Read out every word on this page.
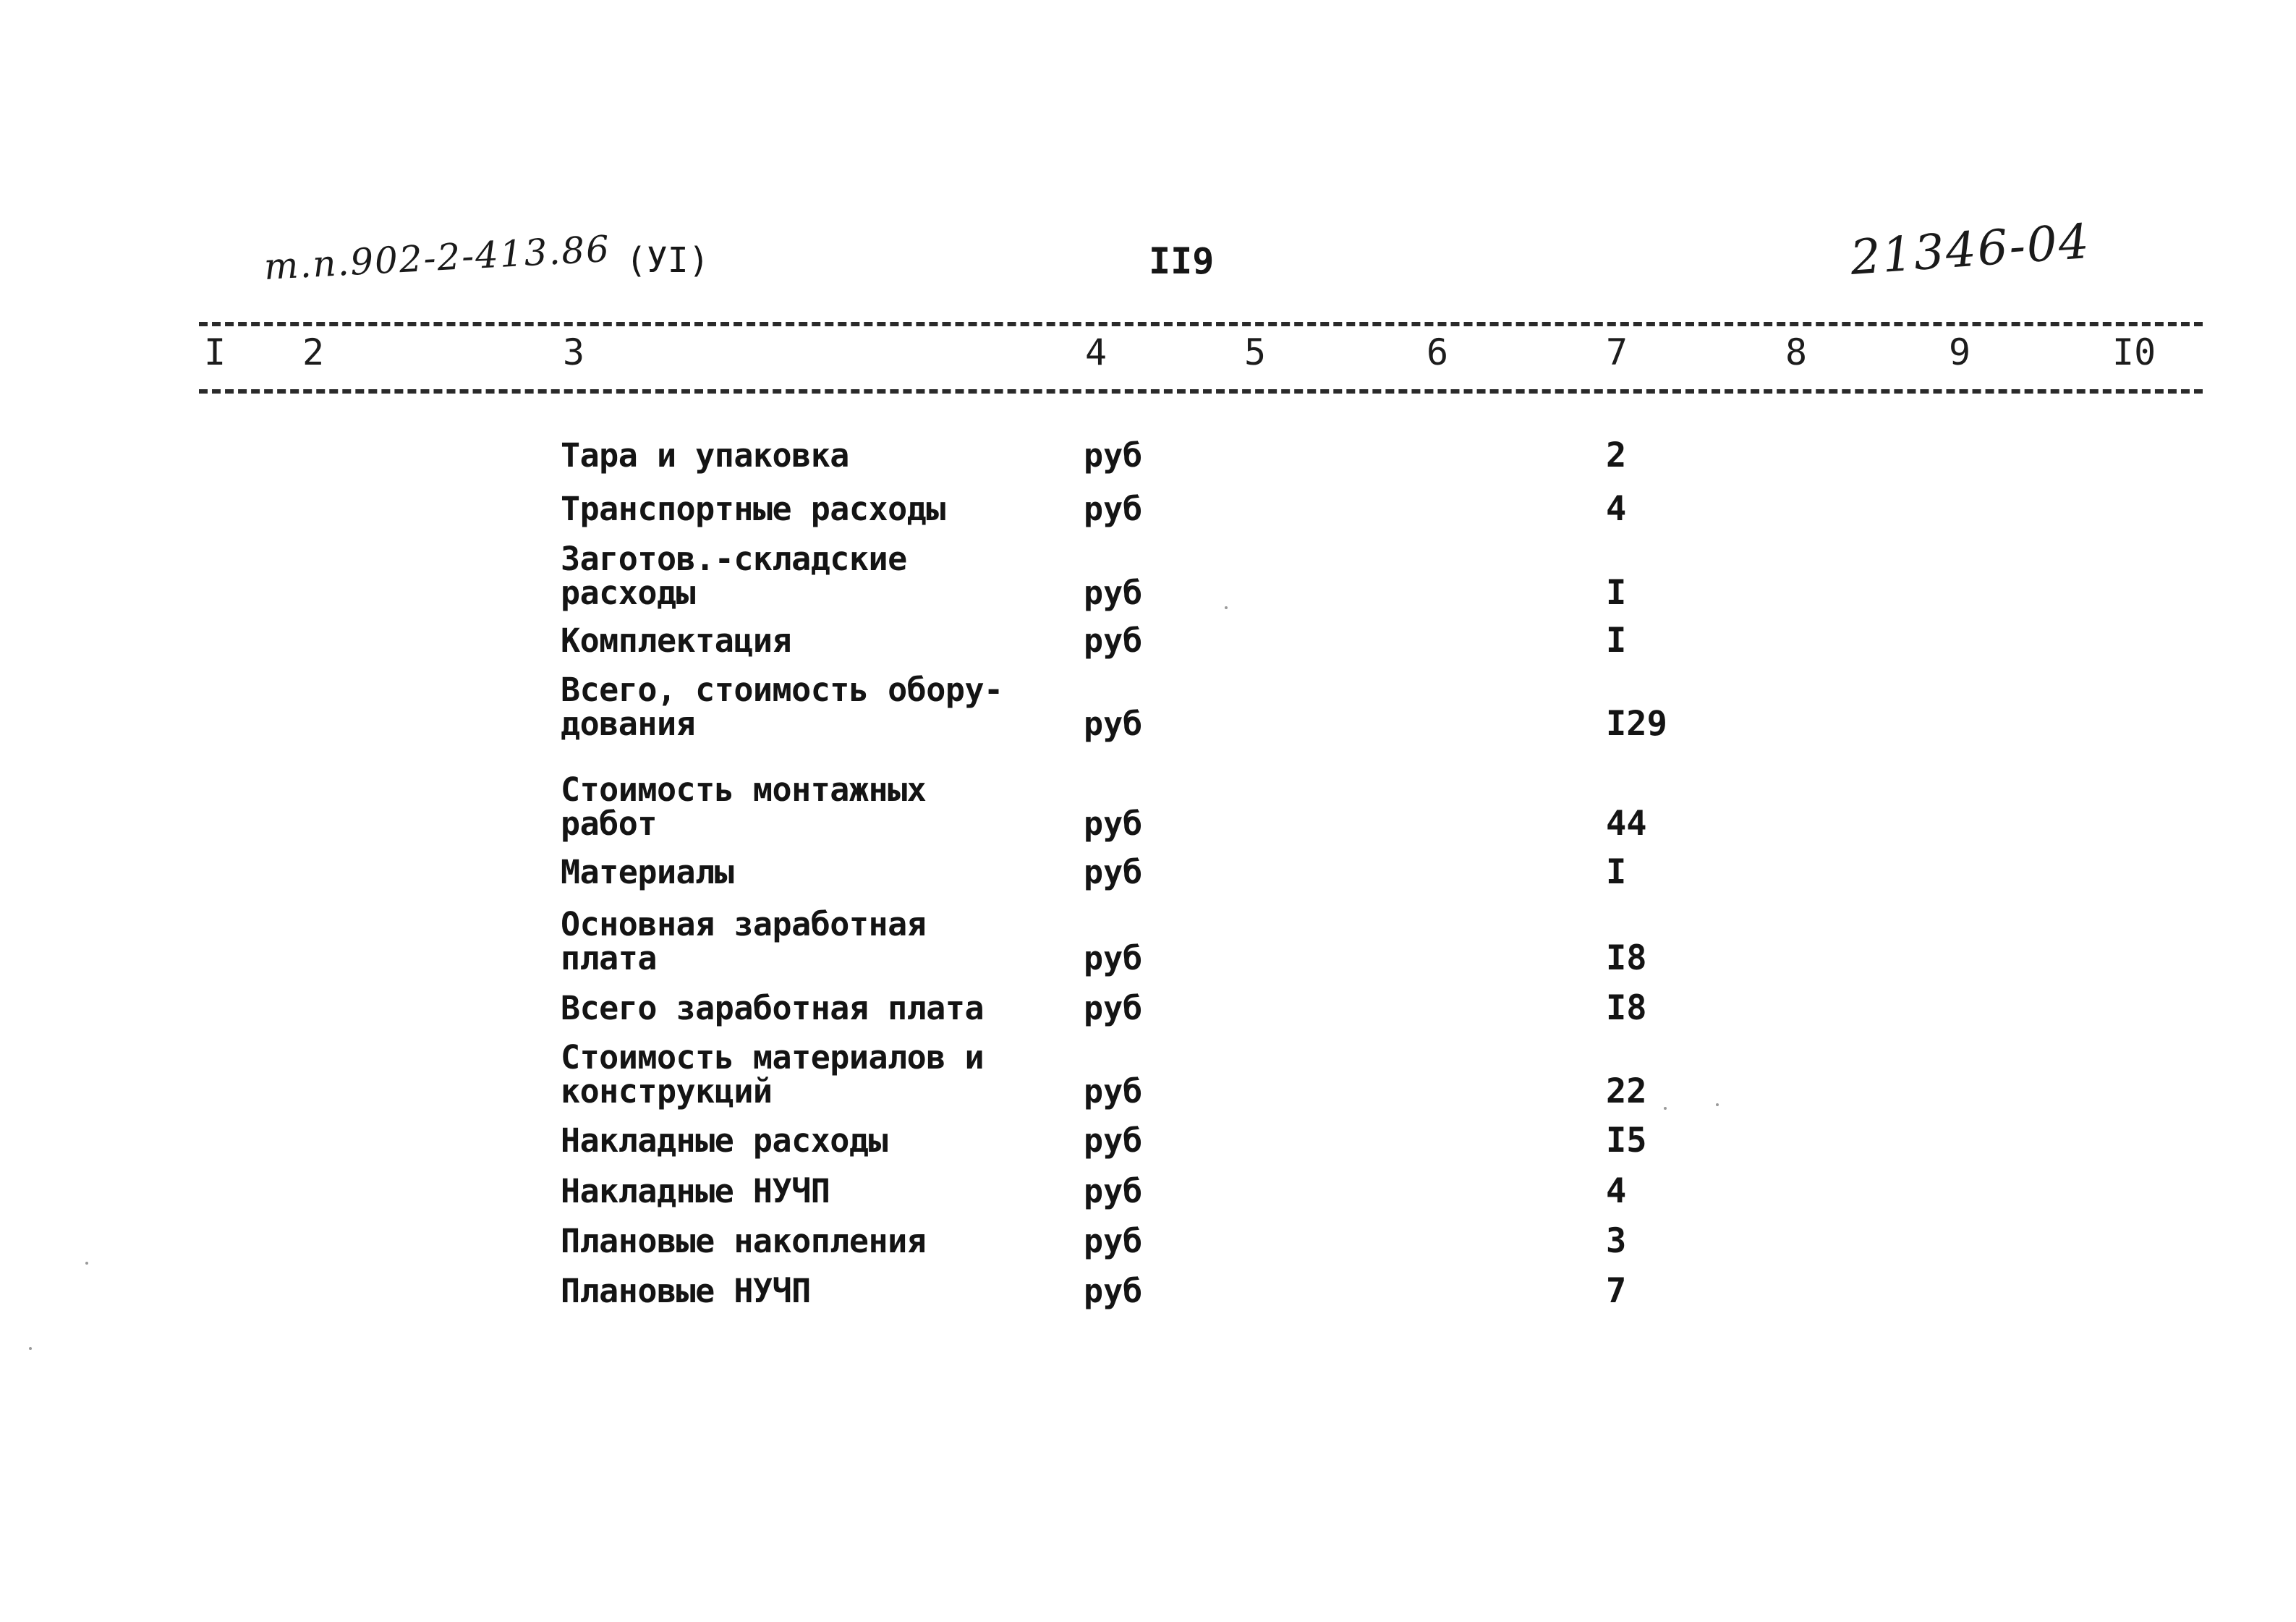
т.п.902-2-413.86 (УI)	II9	21346-04
I 2	3	4	5	6	7	8	9	I0
Тара и упаковка	руб	2
Транспортные расходы	руб	4
Заготов.-складские
расходы	руб	I
Комплектация	руб	I
Всего, стоимость обору-
дования	руб	I29
Стоимость монтажных
работ	руб	44
Материалы	руб	I
Основная заработная
плата	руб	I8
Всего заработная плата	руб	I8
Стоимость материалов и
конструкций	руб	22
Накладные расходы	руб	I5
Накладные НУЧП	руб	4
Плановые накопления	руб	3
Плановые НУЧП	руб	7
